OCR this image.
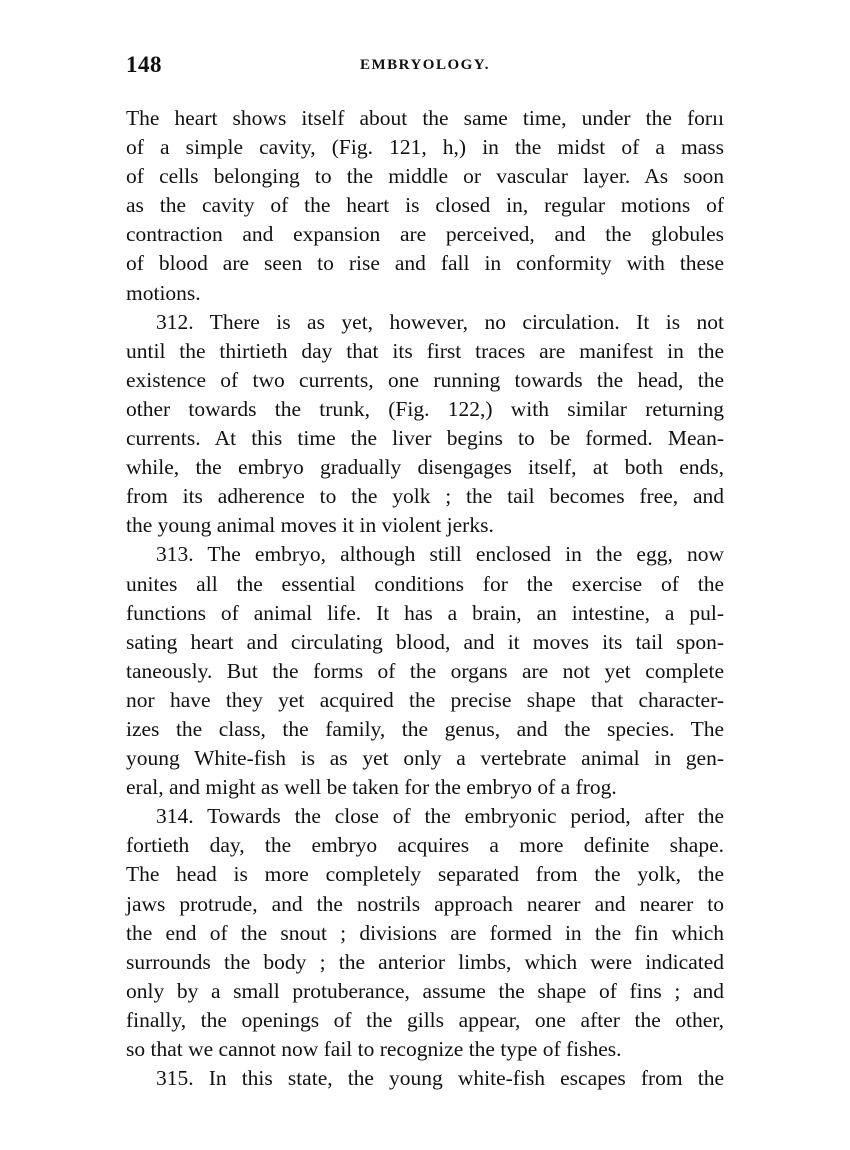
148	EMBRYOLOGY.
The heart shows itself about the same time, under the forıı
of a simple cavity, (Fig. 121, h,) in the midst of a mass
of cells belonging to the middle or vascular layer. As soon
as the cavity of the heart is closed in, regular motions of
contraction and expansion are perceived, and the globules
of blood are seen to rise and fall in conformity with these
motions.
312. There is as yet, however, no circulation. It is not
until the thirtieth day that its first traces are manifest in the
existence of two currents, one running towards the head, the
other towards the trunk, (Fig. 122,) with similar returning
currents. At this time the liver begins to be formed. Mean-
while, the embryo gradually disengages itself, at both ends,
from its adherence to the yolk ; the tail becomes free, and
the young animal moves it in violent jerks.
313. The embryo, although still enclosed in the egg, now
unites all the essential conditions for the exercise of the
functions of animal life. It has a brain, an intestine, a pul-
sating heart and circulating blood, and it moves its tail spon-
taneously. But the forms of the organs are not yet complete
nor have they yet acquired the precise shape that character-
izes the class, the family, the genus, and the species. The
young White-fish is as yet only a vertebrate animal in gen-
eral, and might as well be taken for the embryo of a frog.
314. Towards the close of the embryonic period, after the
fortieth day, the embryo acquires a more definite shape.
The head is more completely separated from the yolk, the
jaws protrude, and the nostrils approach nearer and nearer to
the end of the snout ; divisions are formed in the fin which
surrounds the body ; the anterior limbs, which were indicated
only by a small protuberance, assume the shape of fins ; and
finally, the openings of the gills appear, one after the other,
so that we cannot now fail to recognize the type of fishes.
315. In this state, the young white-fish escapes from the
